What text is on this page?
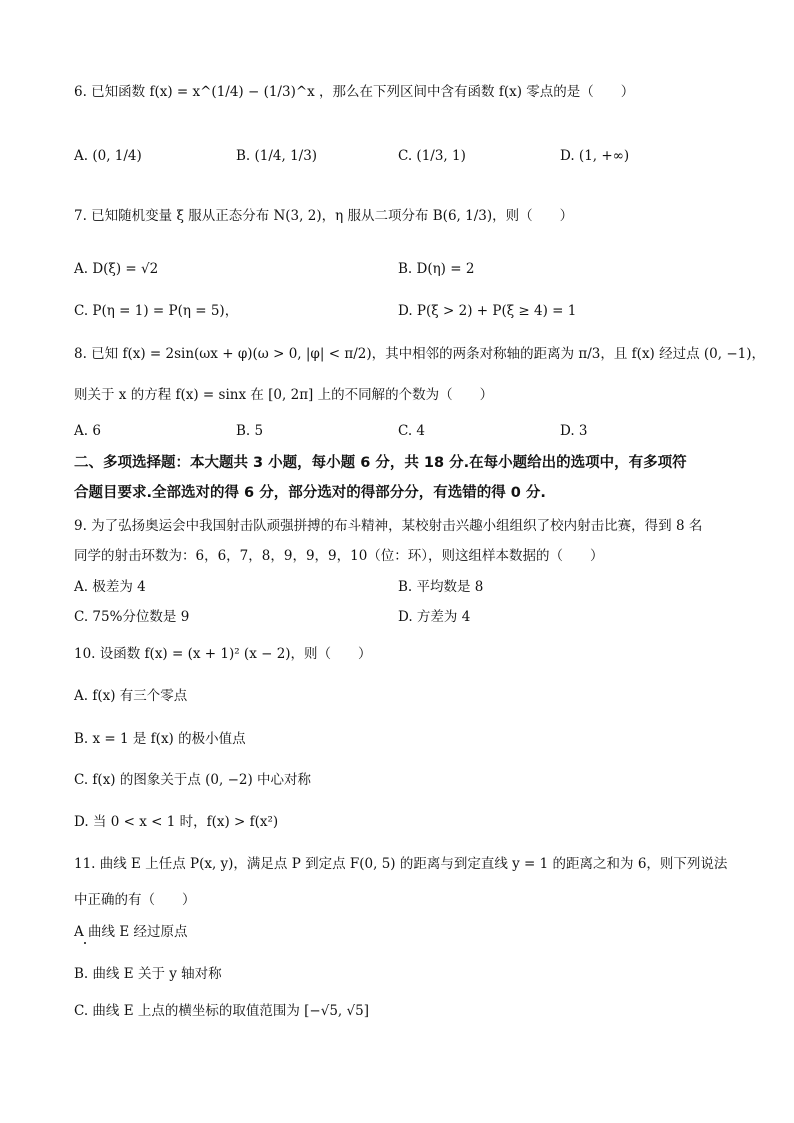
6. 已知函数 f(x) = x^(1/4) − (1/3)^x ，那么在下列区间中含有函数 f(x) 零点的是（　　）
A. (0, 1/4)	B. (1/4, 1/3)	C. (1/3, 1)	D. (1, +∞)
7. 已知随机变量 ξ 服从正态分布 N(3, 2)，η 服从二项分布 B(6, 1/3)，则（　　）
A. D(ξ) = √2	B. D(η) = 2
C. P(η = 1) = P(η = 5)，	D. P(ξ > 2) + P(ξ ≥ 4) = 1
8. 已知 f(x) = 2sin(ωx + φ)(ω > 0, |φ| < π/2)，其中相邻的两条对称轴的距离为 π/3，且 f(x) 经过点 (0, −1)，
则关于 x 的方程 f(x) = sinx 在 [0, 2π] 上的不同解的个数为（　　）
A. 6	B. 5	C. 4	D. 3
二、多项选择题：本大题共 3 小题，每小题 6 分，共 18 分.在每小题给出的选项中，有多项符
合题目要求.全部选对的得 6 分，部分选对的得部分分，有选错的得 0 分.
9. 为了弘扬奥运会中我国射击队顽强拼搏的布斗精神，某校射击兴趣小组组织了校内射击比赛，得到 8 名
同学的射击环数为：6，6，7，8，9，9，9，10（位：环），则这组样本数据的（　　）
A. 极差为 4	B. 平均数是 8
C. 75%分位数是 9	D. 方差为 4
10. 设函数 f(x) = (x + 1)² (x − 2)，则（　　）
A. f(x) 有三个零点
B. x = 1 是 f(x) 的极小值点
C. f(x) 的图象关于点 (0, −2) 中心对称
D. 当 0 < x < 1 时，f(x) > f(x²)
11. 曲线 E 上任点 P(x, y)，满足点 P 到定点 F(0, 5) 的距离与到定直线 y = 1 的距离之和为 6，则下列说法
中正确的有（　　）
A 曲线 E 经过原点
B. 曲线 E 关于 y 轴对称
C. 曲线 E 上点的横坐标的取值范围为 [−√5, √5]
